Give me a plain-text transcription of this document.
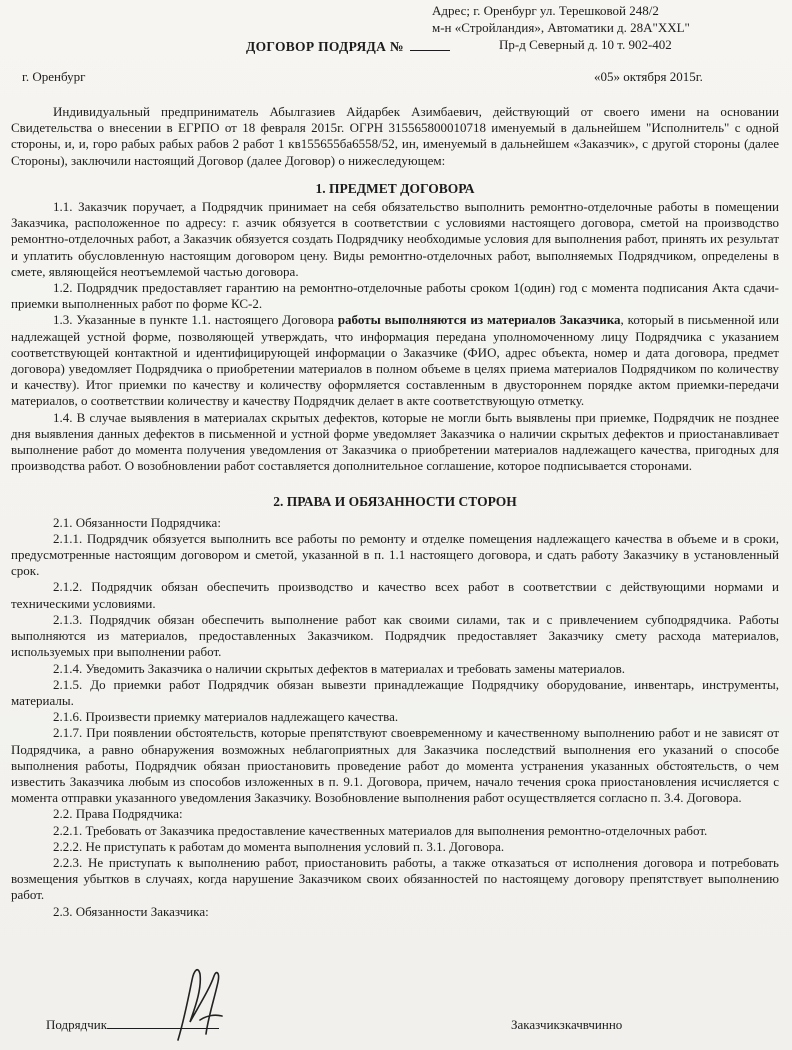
Адрес; г. Оренбург ул. Терешковой 248/2
м-н «Стройландия», Автоматики д. 28А"XXL"
Пр-д Северный д. 10 т. 902-402
ДОГОВОР ПОДРЯДА №
г. Оренбург	«05» октября 2015г.

Индивидуальный предприниматель Абылгазиев Айдарбек Азимбаевич, действующий от своего имени на основании Свидетельства о внесении в ЕГРПО от 18 февраля 2015г. ОГРН 315565800010718 именуемый в дальнейшем "Исполнитель" с одной стороны, и, и, горо рабых рабых рабов 2 работ 1 кв155655ба6558/52, ин, именуемый в дальнейшем «Заказчик», с другой стороны (далее Стороны), заключили настоящий Договор (далее Договор) о нижеследующем:

1. ПРЕДМЕТ ДОГОВОРА

1.1. Заказчик поручает, а Подрядчик принимает на себя обязательство выполнить ремонтно-отделочные работы в помещении Заказчика, расположенное по адресу: г. азчик обязуется в соответствии с условиями настоящего договора, сметой на производство ремонтно-отделочных работ, а Заказчик обязуется создать Подрядчику необходимые условия для выполнения работ, принять их результат и уплатить обусловленную настоящим договором цену. Виды ремонтно-отделочных работ, выполняемых Подрядчиком, определены в смете, являющейся неотъемлемой частью договора.

1.2. Подрядчик предоставляет гарантию на ремонтно-отделочные работы сроком 1(один) год с момента подписания Акта сдачи-приемки выполненных работ по форме КС-2.

1.3. Указанные в пункте 1.1. настоящего Договора работы выполняются из материалов Заказчика, который в письменной или надлежащей устной форме, позволяющей утверждать, что информация передана уполномоченному лицу Подрядчика с указанием соответствующей контактной и идентифицирующей информации о Заказчике (ФИО, адрес объекта, номер и дата договора, предмет договора) уведомляет Подрядчика о приобретении материалов в полном объеме в целях приема материалов Подрядчиком по количеству и качеству). Итог приемки по качеству и количеству оформляется составленным в двустороннем порядке актом приемки-передачи материалов, о соответствии количеству и качеству Подрядчик делает в акте соответствующую отметку.

1.4. В случае выявления в материалах скрытых дефектов, которые не могли быть выявлены при приемке, Подрядчик не позднее дня выявления данных дефектов в письменной и устной форме уведомляет Заказчика о наличии скрытых дефектов и приостанавливает выполнение работ до момента получения уведомления от Заказчика о приобретении материалов надлежащего качества, пригодных для производства работ. О возобновлении работ составляется дополнительное соглашение, которое подписывается сторонами.

2. ПРАВА И ОБЯЗАННОСТИ СТОРОН

2.1. Обязанности Подрядчика:

2.1.1. Подрядчик обязуется выполнить все работы по ремонту и отделке помещения надлежащего качества в объеме и в сроки, предусмотренные настоящим договором и сметой, указанной в п. 1.1 настоящего договора, и сдать работу Заказчику в установленный срок.

2.1.2. Подрядчик обязан обеспечить производство и качество всех работ в соответствии с действующими нормами и техническими условиями.

2.1.3. Подрядчик обязан обеспечить выполнение работ как своими силами, так и с привлечением субподрядчика. Работы выполняются из материалов, предоставленных Заказчиком. Подрядчик предоставляет Заказчику смету расхода материалов, используемых при выполнении работ.

2.1.4. Уведомить Заказчика о наличии скрытых дефектов в материалах и требовать замены материалов.

2.1.5. До приемки работ Подрядчик обязан вывезти принадлежащие Подрядчику оборудование, инвентарь, инструменты, материалы.

2.1.6. Произвести приемку материалов надлежащего качества.

2.1.7. При появлении обстоятельств, которые препятствуют своевременному и качественному выполнению работ и не зависят от Подрядчика, а равно обнаружения возможных неблагоприятных для Заказчика последствий выполнения его указаний о способе выполнения работы, Подрядчик обязан приостановить проведение работ до момента устранения указанных обстоятельств, о чем известить Заказчика любым из способов изложенных в п. 9.1. Договора, причем, начало течения срока приостановления исчисляется с момента отправки указанного уведомления Заказчику. Возобновление выполнения работ осуществляется согласно п. 3.4. Договора.

2.2. Права Подрядчика:

2.2.1. Требовать от Заказчика предоставление качественных материалов для выполнения ремонтно-отделочных работ.

2.2.2. Не приступать к работам до момента выполнения условий п. 3.1. Договора.

2.2.3. Не приступать к выполнению работ, приостановить работы, а также отказаться от исполнения договора и потребовать возмещения убытков в случаях, когда нарушение Заказчиком своих обязанностей по настоящему договору препятствует выполнению работ.

2.3. Обязанности Заказчика:

Подрядчик	Заказчикзкачвчинно
